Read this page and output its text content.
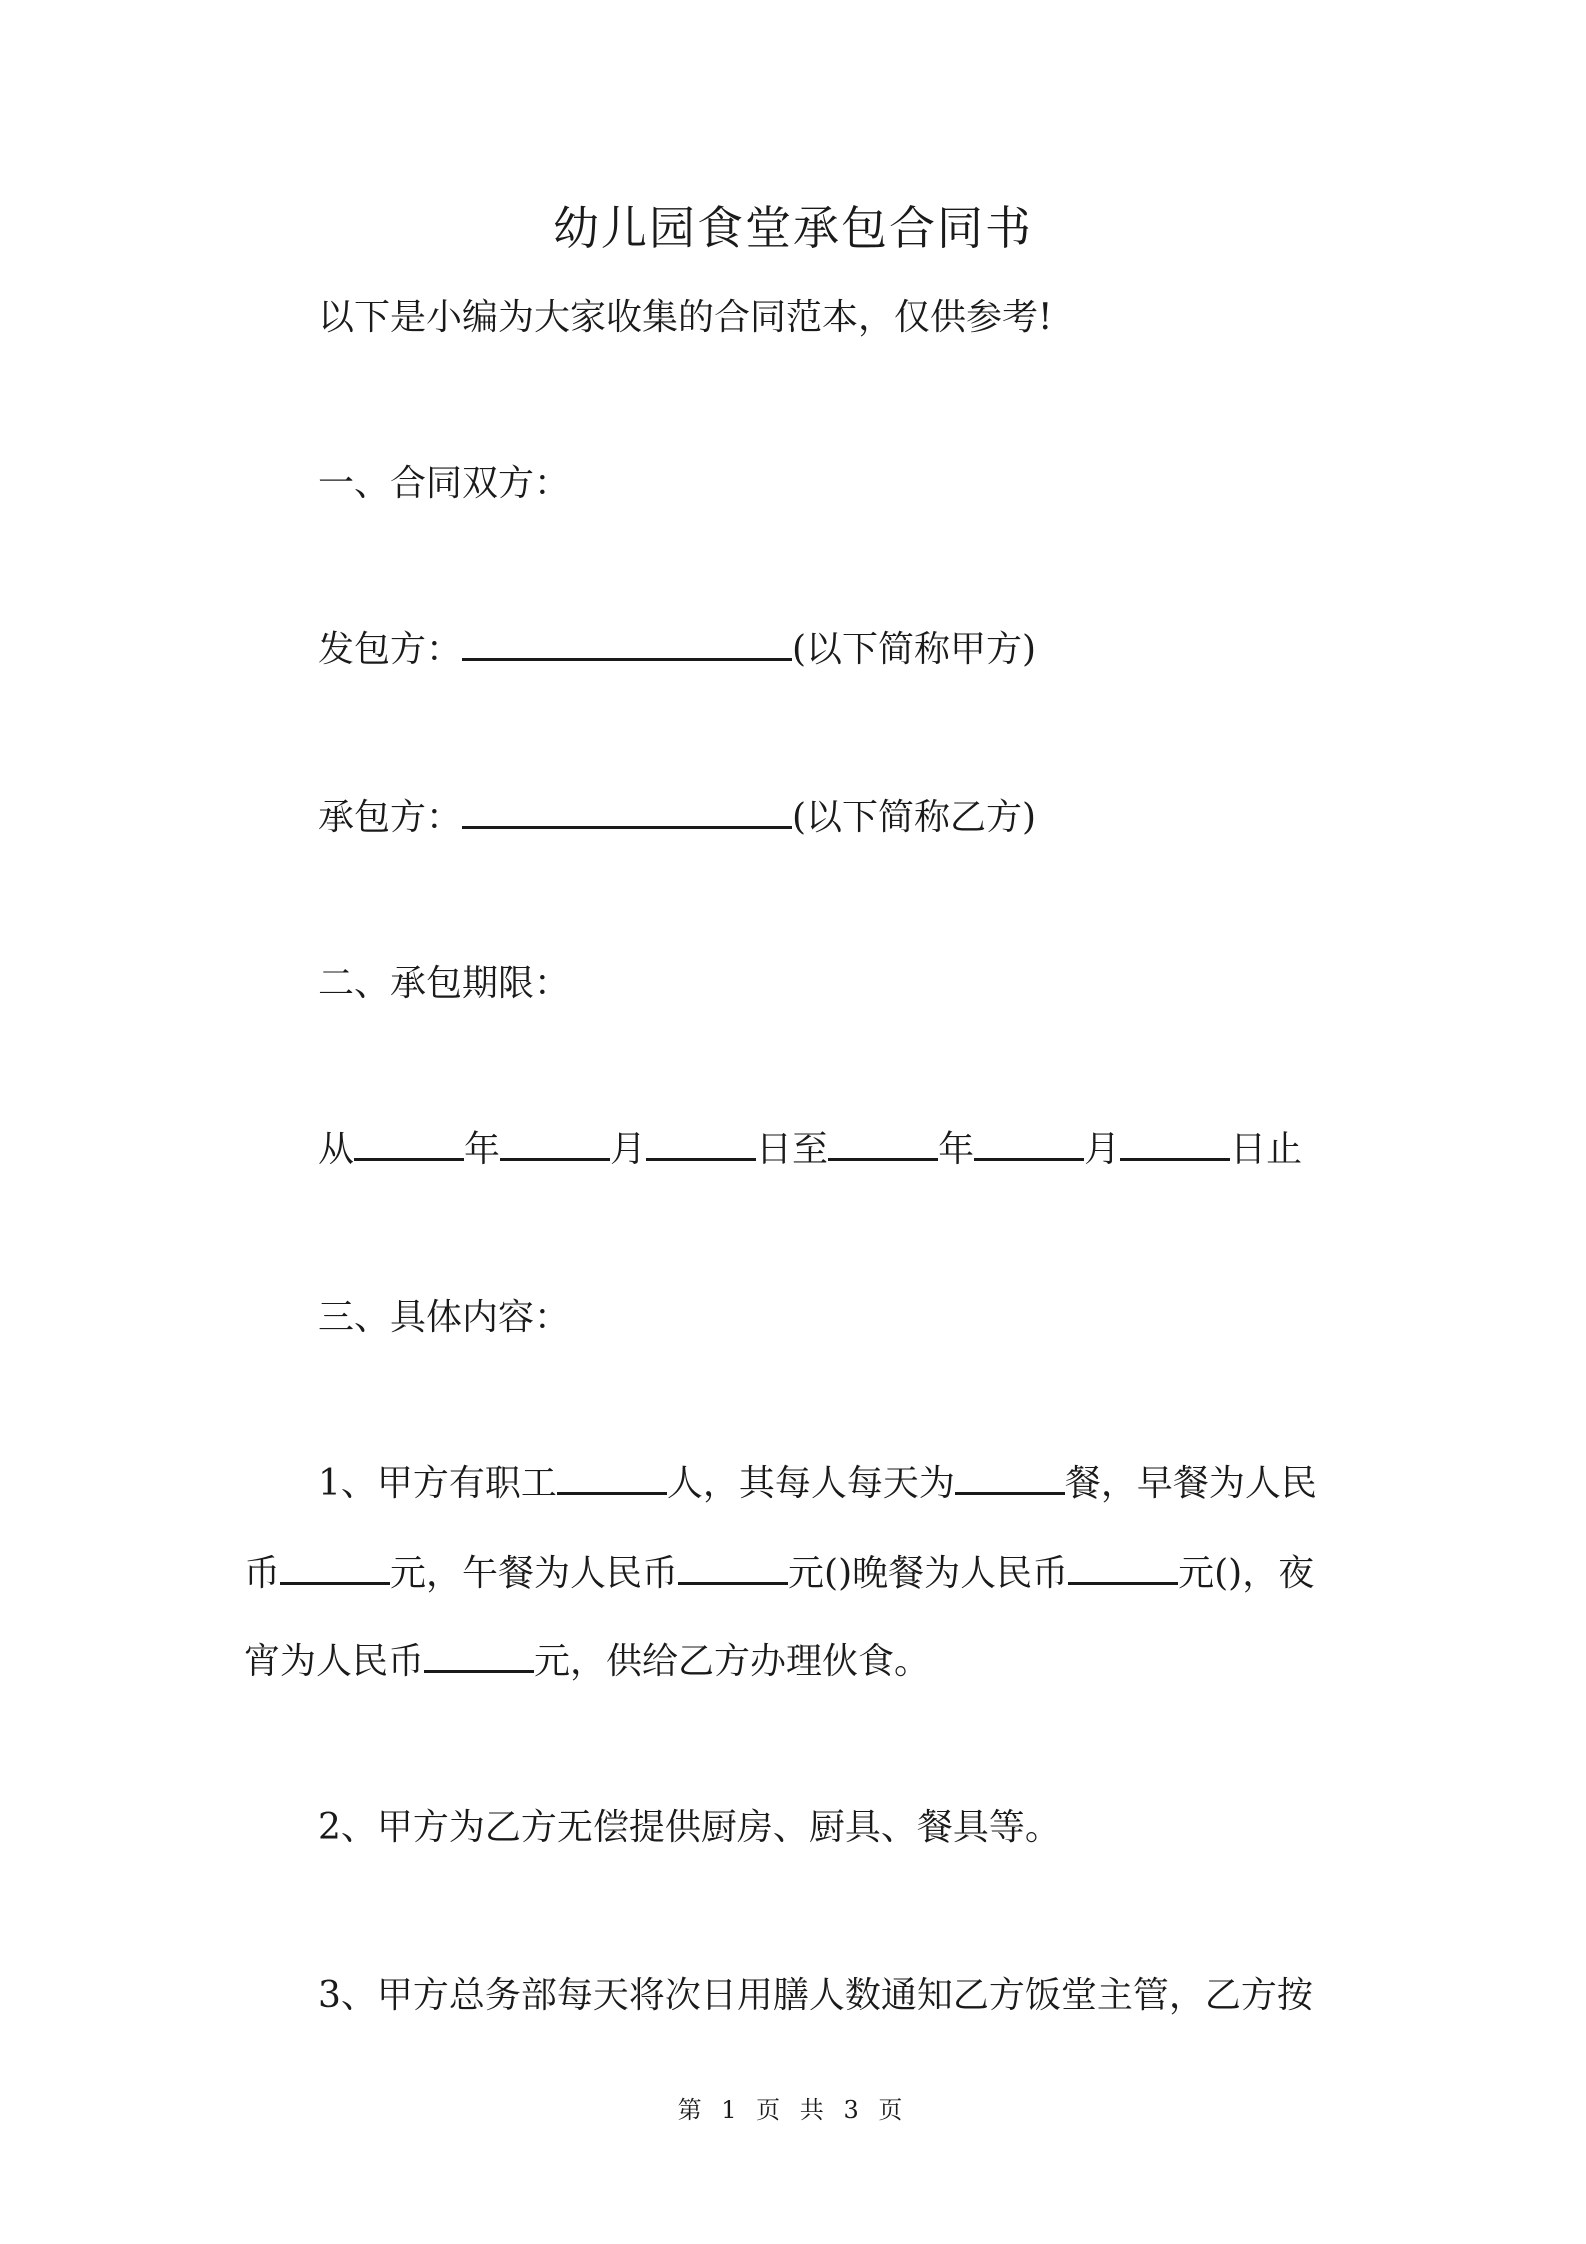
幼儿园食堂承包合同书
以下是小编为大家收集的合同范本，仅供参考!
一、合同双方：
发包方：	(以下简称甲方)
承包方：	(以下简称乙方)
二、承包期限：
从	年	月	日至	年	月	日止
三、具体内容：
1、甲方有职工	人，其每人每天为	餐，早餐为人民
币	元，午餐为人民币	元()晚餐为人民币	元()，夜
宵为人民币	元，供给乙方办理伙食。
2、甲方为乙方无偿提供厨房、厨具、餐具等。
3、甲方总务部每天将次日用膳人数通知乙方饭堂主管，乙方按
第 1 页 共 3 页
